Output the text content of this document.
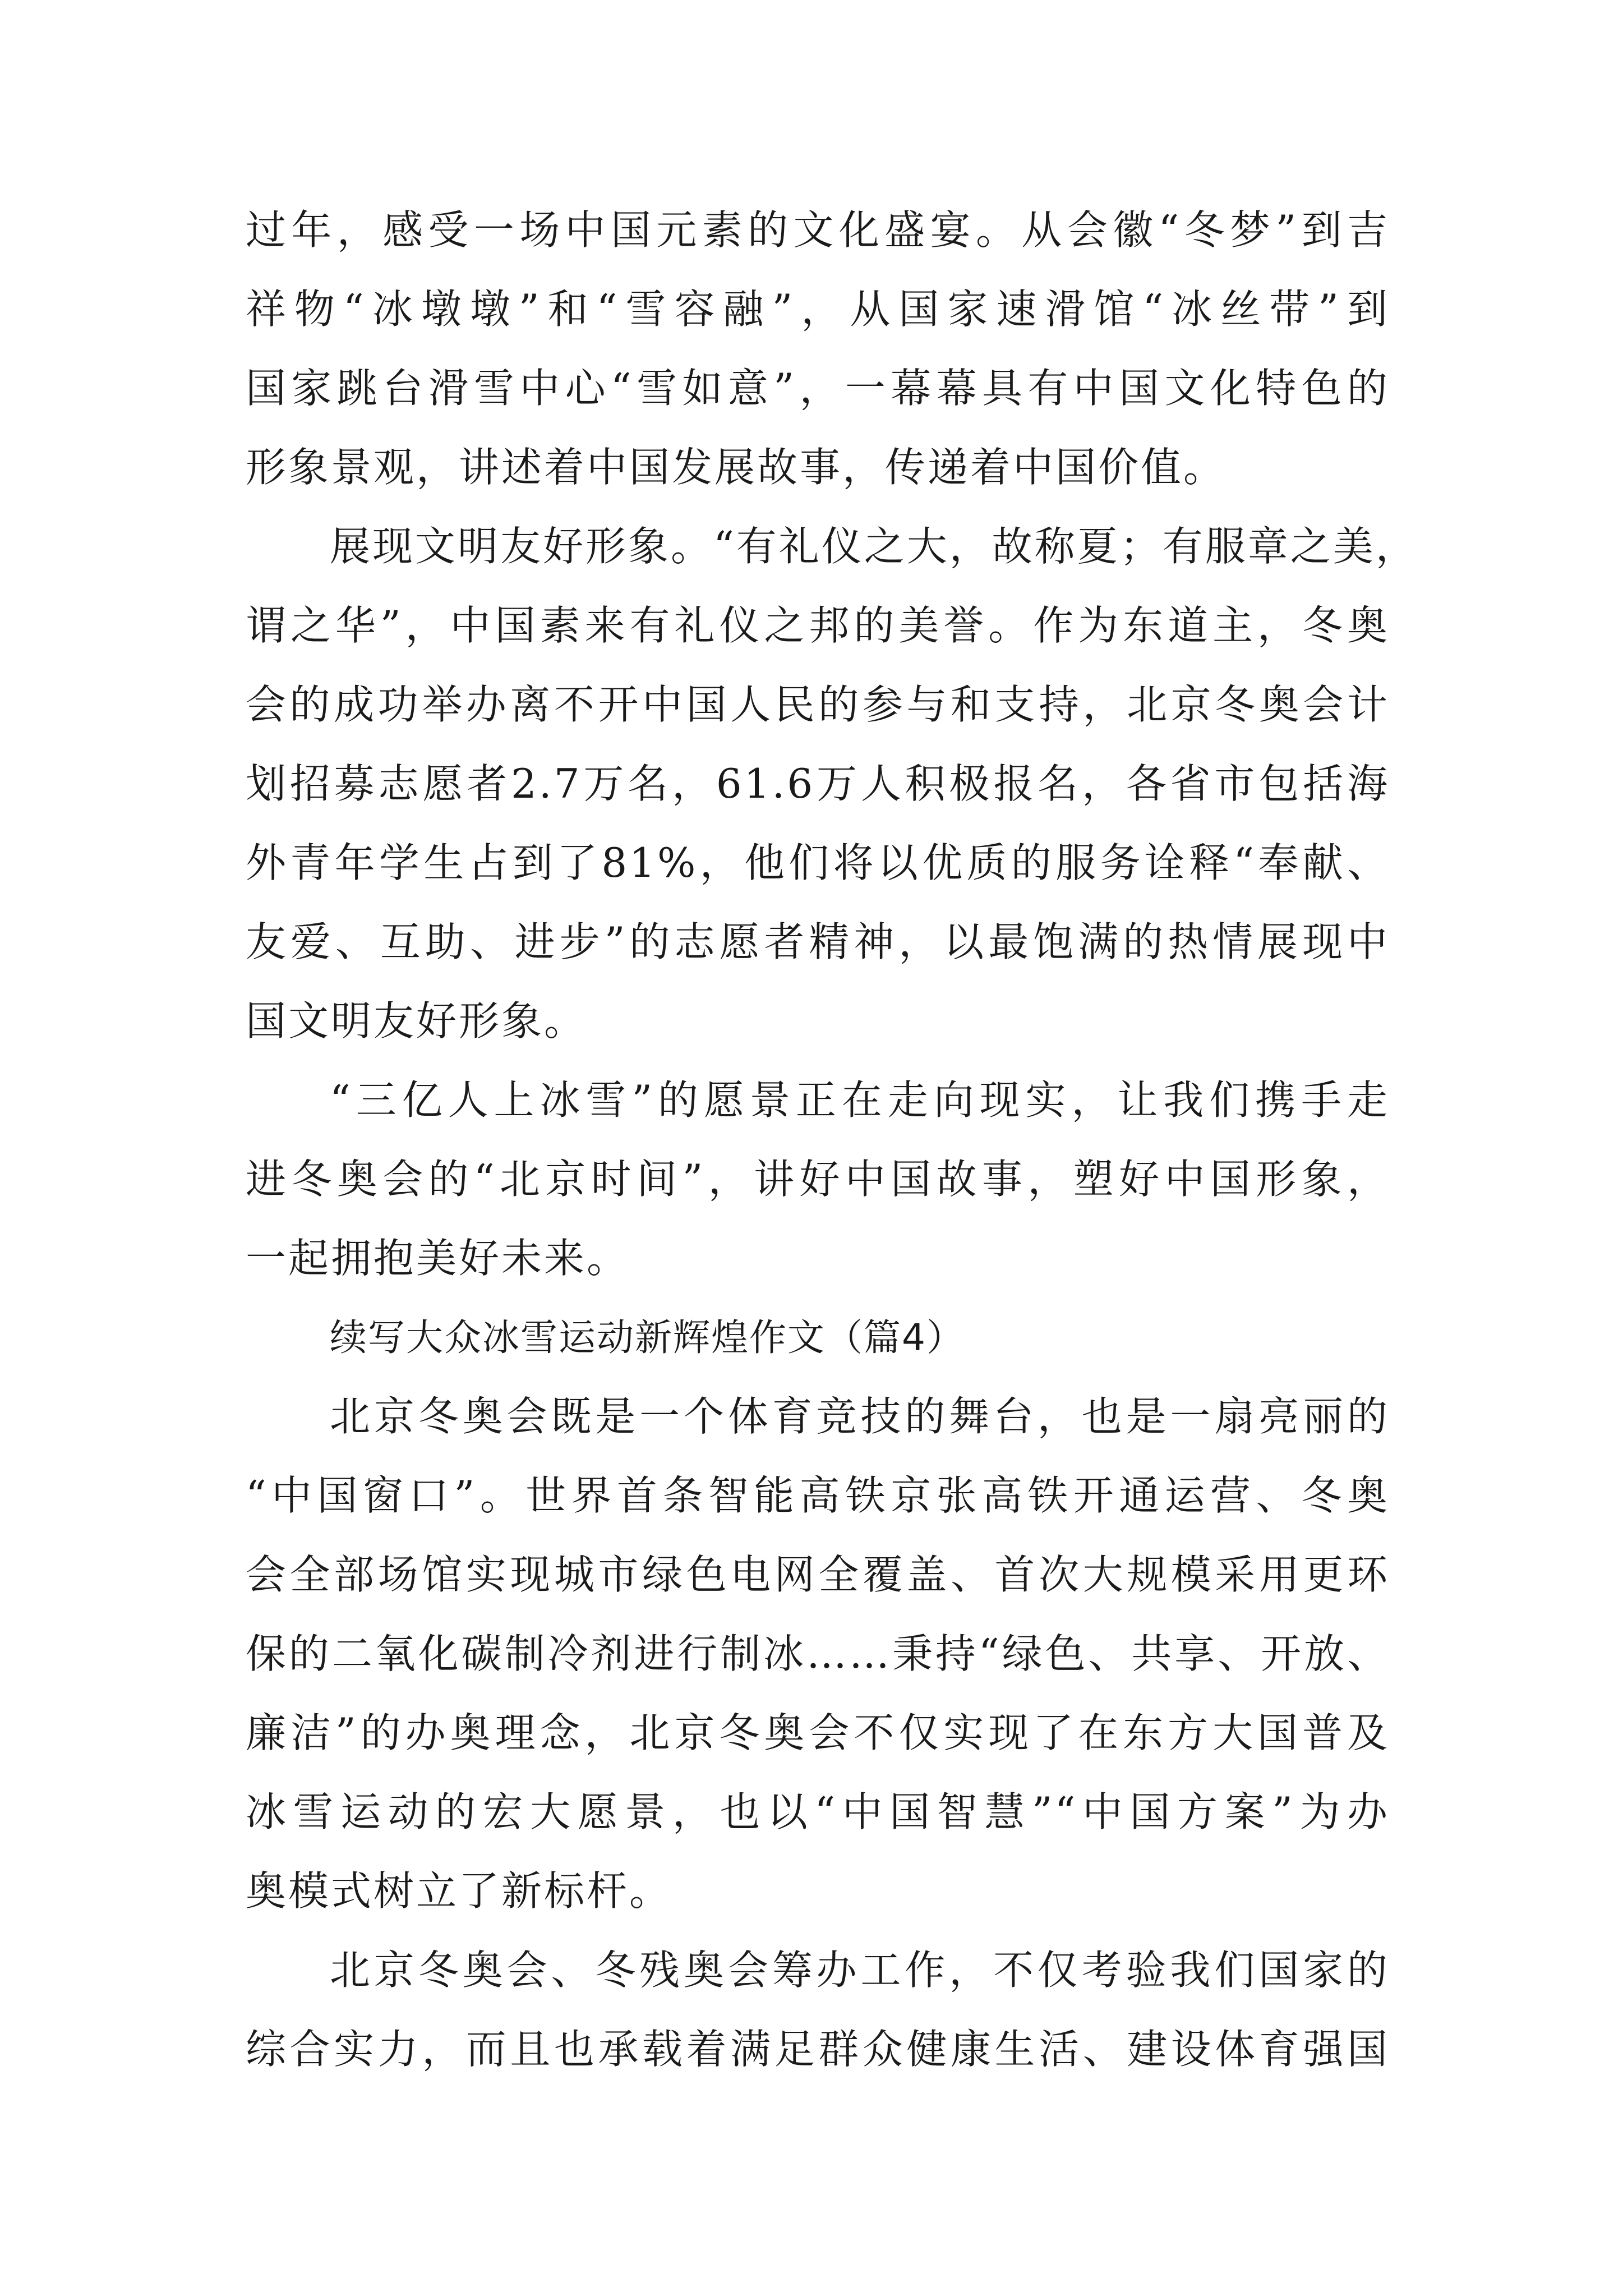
过年，感受一场中国元素的文化盛宴。从会徽“冬梦”到吉
祥物“冰墩墩”和“雪容融”，从国家速滑馆“冰丝带”到
国家跳台滑雪中心“雪如意”，一幕幕具有中国文化特色的
形象景观，讲述着中国发展故事，传递着中国价值。
展现文明友好形象。“有礼仪之大，故称夏；有服章之美，
谓之华”，中国素来有礼仪之邦的美誉。作为东道主，冬奥
会的成功举办离不开中国人民的参与和支持，北京冬奥会计
划招募志愿者2.7万名，61.6万人积极报名，各省市包括海
外青年学生占到了81%，他们将以优质的服务诠释“奉献、
友爱、互助、进步”的志愿者精神，以最饱满的热情展现中
国文明友好形象。
“三亿人上冰雪”的愿景正在走向现实，让我们携手走
进冬奥会的“北京时间”，讲好中国故事，塑好中国形象，
一起拥抱美好未来。
续写大众冰雪运动新辉煌作文（篇4）
北京冬奥会既是一个体育竞技的舞台，也是一扇亮丽的
“中国窗口”。世界首条智能高铁京张高铁开通运营、冬奥
会全部场馆实现城市绿色电网全覆盖、首次大规模采用更环
保的二氧化碳制冷剂进行制冰……秉持“绿色、共享、开放、
廉洁”的办奥理念，北京冬奥会不仅实现了在东方大国普及
冰雪运动的宏大愿景，也以“中国智慧”“中国方案”为办
奥模式树立了新标杆。
北京冬奥会、冬残奥会筹办工作，不仅考验我们国家的
综合实力，而且也承载着满足群众健康生活、建设体育强国
